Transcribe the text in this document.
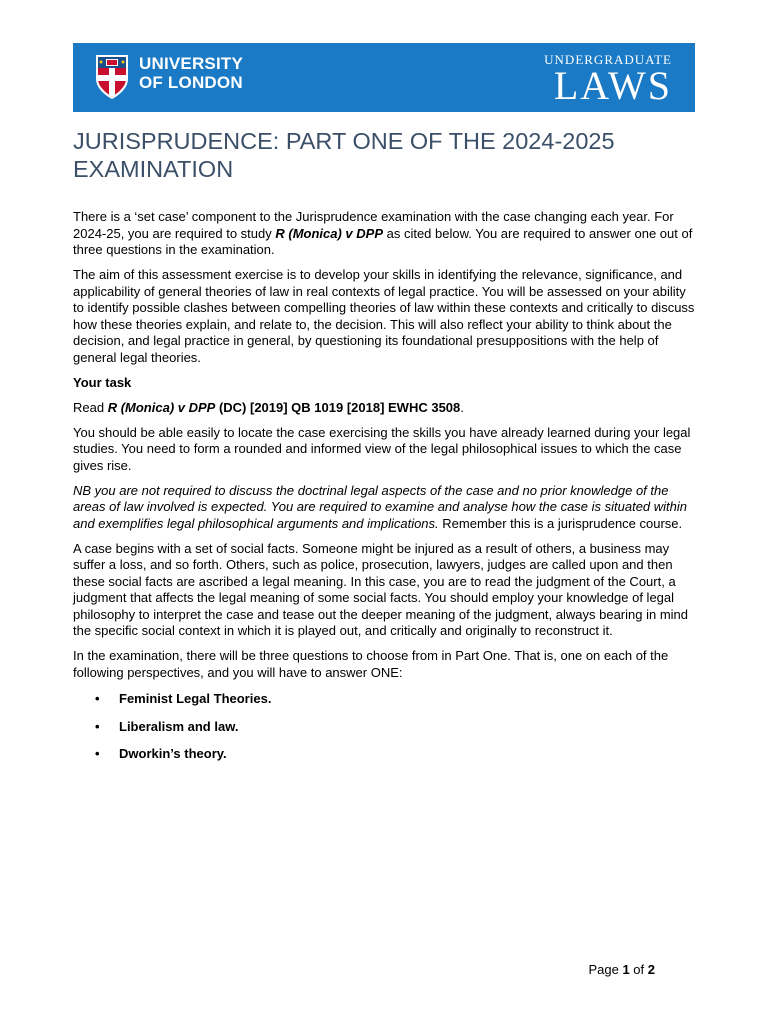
UNIVERSITY
OF LONDON
UNDERGRADUATE
LAWS
JURISPRUDENCE: PART ONE OF THE 2024-2025
EXAMINATION

There is a ‘set case’ component to the Jurisprudence examination with the case changing each year. For 2024-25, you are required to study R (Monica) v DPP as cited below. You are required to answer one out of three questions in the examination.

The aim of this assessment exercise is to develop your skills in identifying the relevance, significance, and applicability of general theories of law in real contexts of legal practice. You will be assessed on your ability to identify possible clashes between compelling theories of law within these contexts and critically to discuss how these theories explain, and relate to, the decision. This will also reflect your ability to think about the decision, and legal practice in general, by questioning its foundational presuppositions with the help of general legal theories.

Your task

Read R (Monica) v DPP (DC) [2019] QB 1019 [2018] EWHC 3508.

You should be able easily to locate the case exercising the skills you have already learned during your legal studies. You need to form a rounded and informed view of the legal philosophical issues to which the case gives rise.

NB you are not required to discuss the doctrinal legal aspects of the case and no prior knowledge of the areas of law involved is expected. You are required to examine and analyse how the case is situated within and exemplifies legal philosophical arguments and implications. Remember this is a jurisprudence course.

A case begins with a set of social facts. Someone might be injured as a result of others, a business may suffer a loss, and so forth. Others, such as police, prosecution, lawyers, judges are called upon and then these social facts are ascribed a legal meaning. In this case, you are to read the judgment of the Court, a judgment that affects the legal meaning of some social facts. You should employ your knowledge of legal philosophy to interpret the case and tease out the deeper meaning of the judgment, always bearing in mind the specific social context in which it is played out, and critically and originally to reconstruct it.

In the examination, there will be three questions to choose from in Part One. That is, one on each of the following perspectives, and you will have to answer ONE:

• Feminist Legal Theories.
• Liberalism and law.
• Dworkin’s theory.
Page 1 of 2
